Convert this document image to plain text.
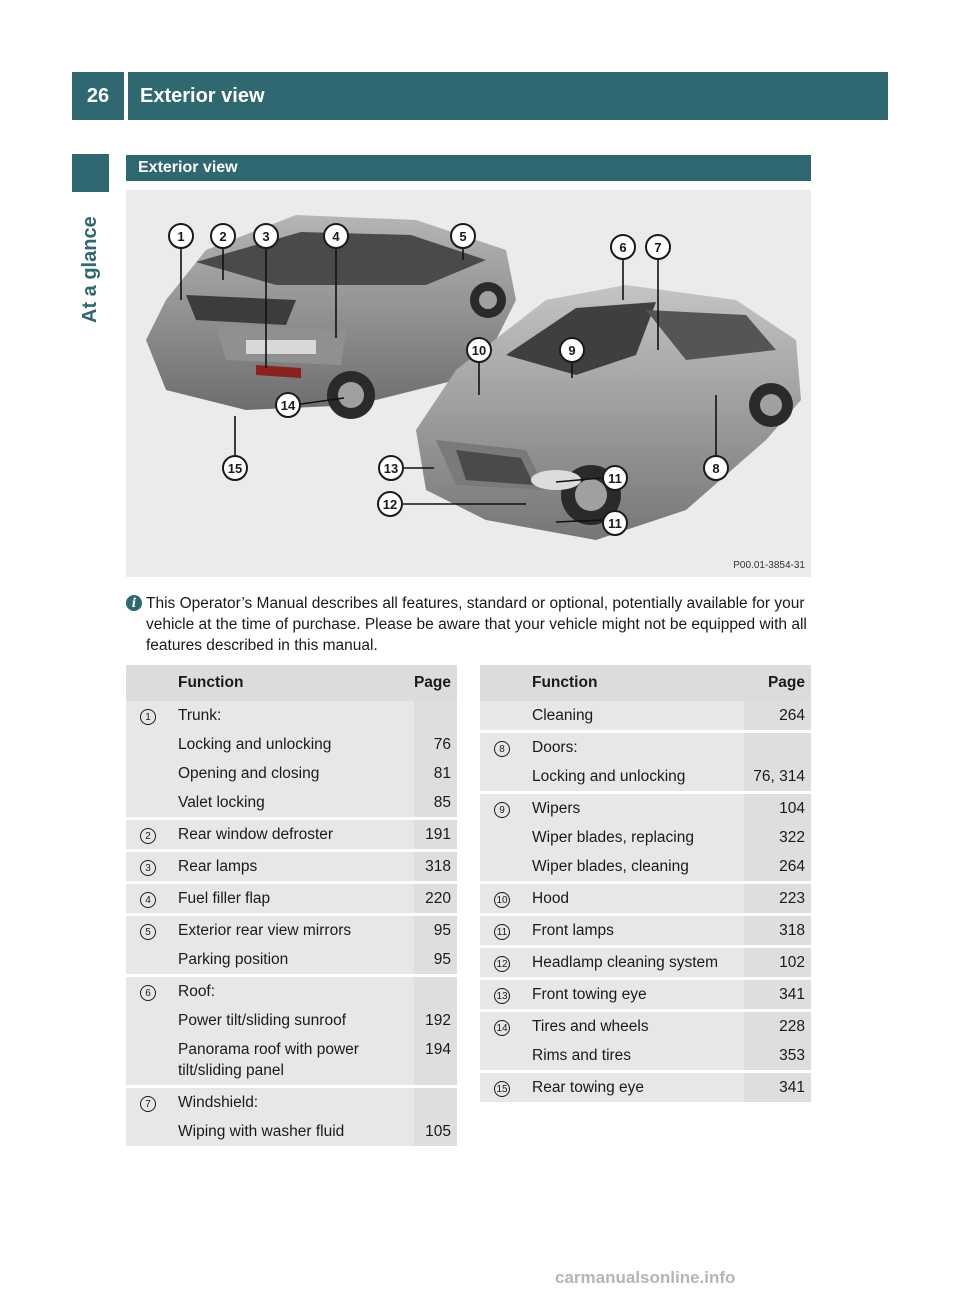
26	Exterior view
At a glance
Exterior view
1	2	3	4	5
6	7
8
9
10
11
12
13
14
15
11
P00.01-3854-31
i This Operator’s Manual describes all features, standard or optional, potentially available for your vehicle at the time of purchase. Please be aware that your vehicle might not be equipped with all features described in this manual.
	Function	Page
1	Trunk:	
	Locking and unlocking	76
	Opening and closing	81
	Valet locking	85
2	Rear window defroster	191
3	Rear lamps	318
4	Fuel filler flap	220
5	Exterior rear view mirrors	95
	Parking position	95
6	Roof:	
	Power tilt/sliding sunroof	192
	Panorama roof with power tilt/sliding panel	194
7	Windshield:	
	Wiping with washer fluid	105
	Function	Page
	Cleaning	264
8	Doors:	
	Locking and unlocking	76, 314
9	Wipers	104
	Wiper blades, replacing	322
	Wiper blades, cleaning	264
10	Hood	223
11	Front lamps	318
12	Headlamp cleaning system	102
13	Front towing eye	341
14	Tires and wheels	228
	Rims and tires	353
15	Rear towing eye	341
carmanualsonline.info
